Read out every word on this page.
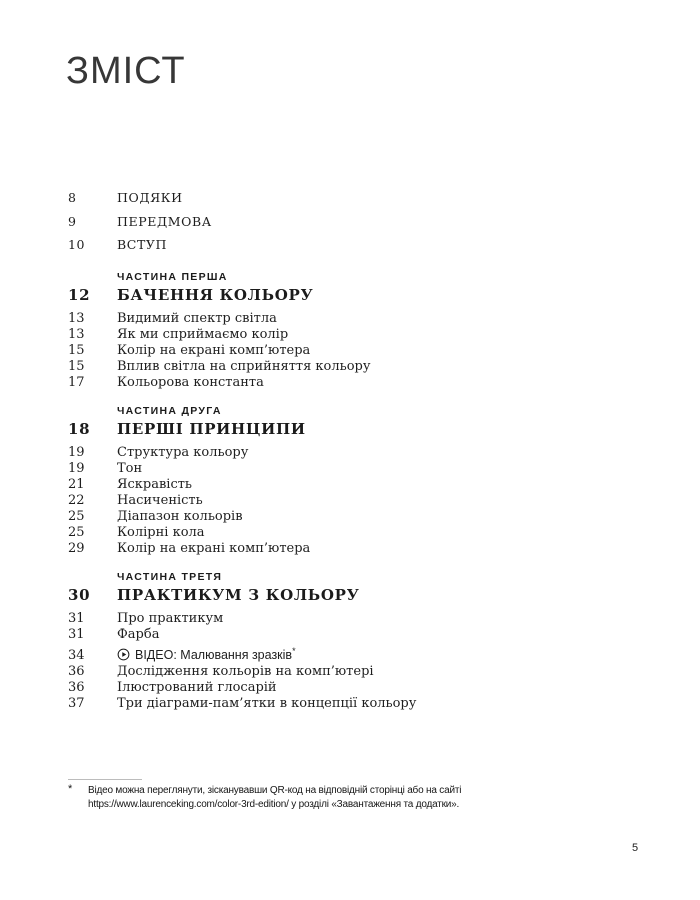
ЗМІСТ
8	ПОДЯКИ
9	ПЕРЕДМОВА
10	ВСТУП
ЧАСТИНА ПЕРША
12	БАЧЕННЯ КОЛЬОРУ
13	Видимий спектр світла
13	Як ми сприймаємо колір
15	Колір на екрані комп’ютера
15	Вплив світла на сприйняття кольору
17	Кольорова константа
ЧАСТИНА ДРУГА
18	ПЕРШІ ПРИНЦИПИ
19	Структура кольору
19	Тон
21	Яскравість
22	Насиченість
25	Діапазон кольорів
25	Колірні кола
29	Колір на екрані комп’ютера
ЧАСТИНА ТРЕТЯ
30	ПРАКТИКУМ З КОЛЬОРУ
31	Про практикум
31	Фарба
34	ВІДЕО: Малювання зразків*
36	Дослідження кольорів на комп’ютері
36	Ілюстрований глосарій
37	Три діаграми-пам’ятки в концепції кольору
* Відео можна переглянути, зісканувавши QR-код на відповідній сторінці або на сайті
https://www.laurenceking.com/color-3rd-edition/ у розділі «Завантаження та додатки».
5
